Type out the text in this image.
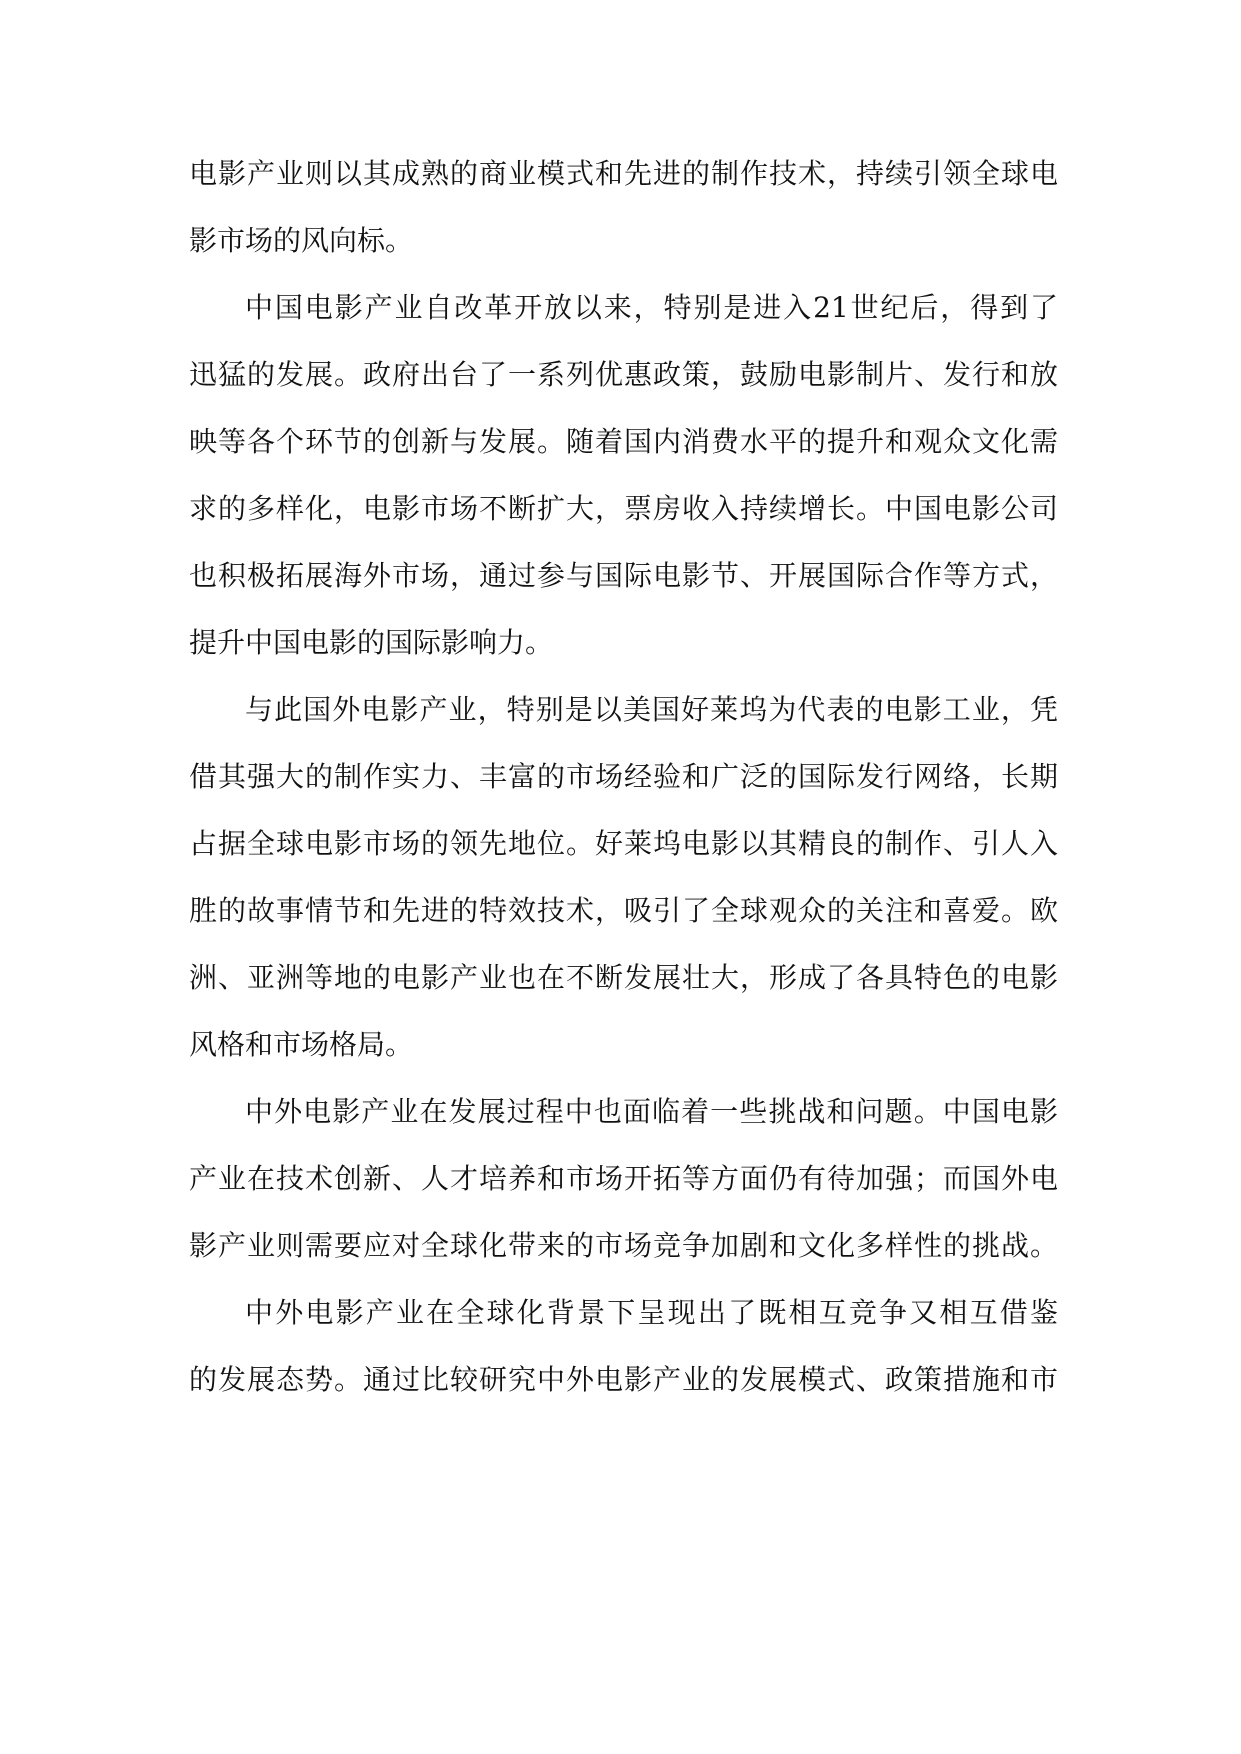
电影产业则以其成熟的商业模式和先进的制作技术，持续引领全球电
影市场的风向标。
中国电影产业自改革开放以来，特别是进入21世纪后，得到了
迅猛的发展。政府出台了一系列优惠政策，鼓励电影制片、发行和放
映等各个环节的创新与发展。随着国内消费水平的提升和观众文化需
求的多样化，电影市场不断扩大，票房收入持续增长。中国电影公司
也积极拓展海外市场，通过参与国际电影节、开展国际合作等方式，
提升中国电影的国际影响力。
与此国外电影产业，特别是以美国好莱坞为代表的电影工业，凭
借其强大的制作实力、丰富的市场经验和广泛的国际发行网络，长期
占据全球电影市场的领先地位。好莱坞电影以其精良的制作、引人入
胜的故事情节和先进的特效技术，吸引了全球观众的关注和喜爱。欧
洲、亚洲等地的电影产业也在不断发展壮大，形成了各具特色的电影
风格和市场格局。
中外电影产业在发展过程中也面临着一些挑战和问题。中国电影
产业在技术创新、人才培养和市场开拓等方面仍有待加强；而国外电
影产业则需要应对全球化带来的市场竞争加剧和文化多样性的挑战。
中外电影产业在全球化背景下呈现出了既相互竞争又相互借鉴
的发展态势。通过比较研究中外电影产业的发展模式、政策措施和市
